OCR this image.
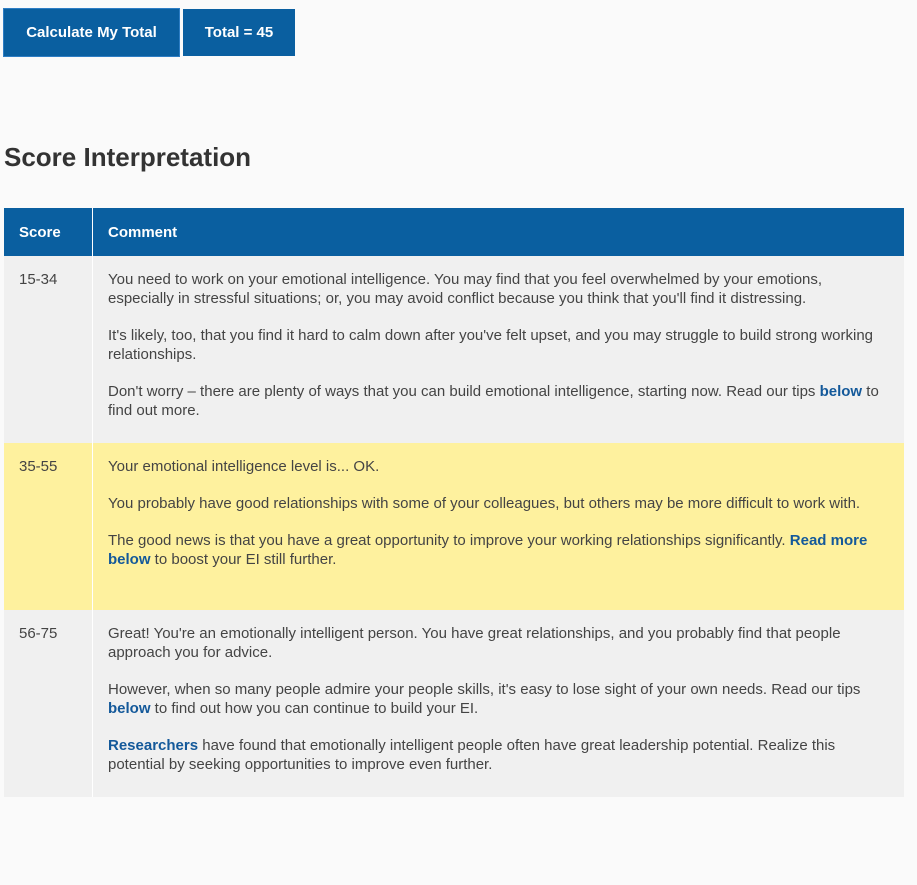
Calculate My Total	Total = 45
Score Interpretation
Score	Comment
15-34	You need to work on your emotional intelligence. You may find that you feel overwhelmed by your emotions, especially in stressful situations; or, you may avoid conflict because you think that you'll find it distressing.

It's likely, too, that you find it hard to calm down after you've felt upset, and you may struggle to build strong working relationships.

Don't worry – there are plenty of ways that you can build emotional intelligence, starting now. Read our tips below to find out more.

35-55	Your emotional intelligence level is... OK.

You probably have good relationships with some of your colleagues, but others may be more difficult to work with.

The good news is that you have a great opportunity to improve your working relationships significantly. Read more below to boost your EI still further.

56-75	Great! You're an emotionally intelligent person. You have great relationships, and you probably find that people approach you for advice.

However, when so many people admire your people skills, it's easy to lose sight of your own needs. Read our tips below to find out how you can continue to build your EI.

Researchers have found that emotionally intelligent people often have great leadership potential. Realize this potential by seeking opportunities to improve even further.
